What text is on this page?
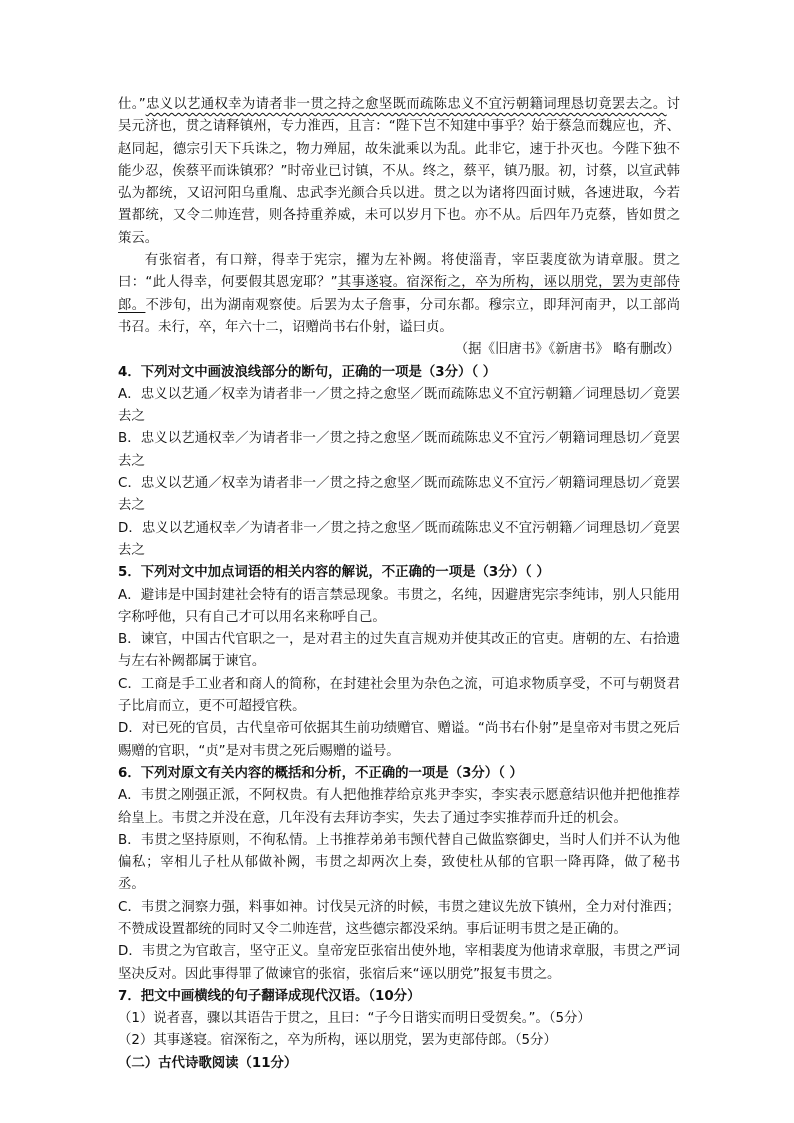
仕。”忠义以艺通权幸为请者非一贯之持之愈坚既而疏陈忠义不宜污朝籍词理恳切竟罢去之。讨吴元济也，贯之请释镇州，专力淮西，且言：“陛下岂不知建中事乎？始于蔡急而魏应也，齐、赵同起，德宗引天下兵诛之，物力殚屈，故朱泚乘以为乱。此非它，速于扑灭也。今陛下独不能少忍，俟蔡平而诛镇邪？”时帝业已讨镇，不从。终之，蔡平，镇乃服。初，讨蔡，以宣武韩弘为都统，又诏河阳乌重胤、忠武李光颜合兵以进。贯之以为诸将四面讨贼，各速进取，今若置都统，又令二帅连营，则各持重养威，未可以岁月下也。亦不从。后四年乃克蔡，皆如贯之策云。

有张宿者，有口辩，得幸于宪宗，擢为左补阙。将使淄青，宰臣裴度欲为请章服。贯之曰：“此人得幸，何要假其恩宠耶？”其事遂寝。宿深衔之，卒为所构，诬以朋党，罢为吏部侍郎。不涉旬，出为湖南观察使。后罢为太子詹事，分司东都。穆宗立，即拜河南尹，以工部尚书召。未行，卒，年六十二，诏赠尚书右仆射，谥曰贞。

（据《旧唐书》《新唐书》 略有删改）

4．下列对文中画波浪线部分的断句，正确的一项是（3分）（ ）

A．忠义以艺通／权幸为请者非一／贯之持之愈坚／既而疏陈忠义不宜污朝籍／词理恳切／竟罢去之

B．忠义以艺通权幸／为请者非一／贯之持之愈坚／既而疏陈忠义不宜污／朝籍词理恳切／竟罢去之

C．忠义以艺通／权幸为请者非一／贯之持之愈坚／既而疏陈忠义不宜污／朝籍词理恳切／竟罢去之

D．忠义以艺通权幸／为请者非一／贯之持之愈坚／既而疏陈忠义不宜污朝籍／词理恳切／竟罢去之

5．下列对文中加点词语的相关内容的解说，不正确的一项是（3分）（ ）

A．避讳是中国封建社会特有的语言禁忌现象。韦贯之，名纯，因避唐宪宗李纯讳，别人只能用字称呼他，只有自己才可以用名来称呼自己。

B．谏官，中国古代官职之一，是对君主的过失直言规劝并使其改正的官吏。唐朝的左、右拾遗与左右补阙都属于谏官。

C．工商是手工业者和商人的简称，在封建社会里为杂色之流，可追求物质享受，不可与朝贤君子比肩而立，更不可超授官秩。

D．对已死的官员，古代皇帝可依据其生前功绩赠官、赠谥。“尚书右仆射”是皇帝对韦贯之死后赐赠的官职，“贞”是对韦贯之死后赐赠的谥号。

6．下列对原文有关内容的概括和分析，不正确的一项是（3分）（ ）

A．韦贯之刚强正派，不阿权贵。有人把他推荐给京兆尹李实，李实表示愿意结识他并把他推荐给皇上。韦贯之并没在意，几年没有去拜访李实，失去了通过李实推荐而升迁的机会。

B．韦贯之坚持原则，不徇私情。上书推荐弟弟韦𫖮代替自己做监察御史，当时人们并不认为他偏私；宰相儿子杜从郁做补阙，韦贯之却两次上奏，致使杜从郁的官职一降再降，做了秘书丞。

C．韦贯之洞察力强，料事如神。讨伐吴元济的时候，韦贯之建议先放下镇州，全力对付淮西；不赞成设置都统的同时又令二帅连营，这些德宗都没采纳。事后证明韦贯之是正确的。

D．韦贯之为官敢言，坚守正义。皇帝宠臣张宿出使外地，宰相裴度为他请求章服，韦贯之严词坚决反对。因此事得罪了做谏官的张宿，张宿后来“诬以朋党”报复韦贯之。

7．把文中画横线的句子翻译成现代汉语。（10分）

（1）说者喜，骤以其语告于贯之，且曰：“子今日谐实而明日受贺矣。”。（5分）

（2）其事遂寝。宿深衔之，卒为所构，诬以朋党，罢为吏部侍郎。（5分）

（二）古代诗歌阅读（11分）
